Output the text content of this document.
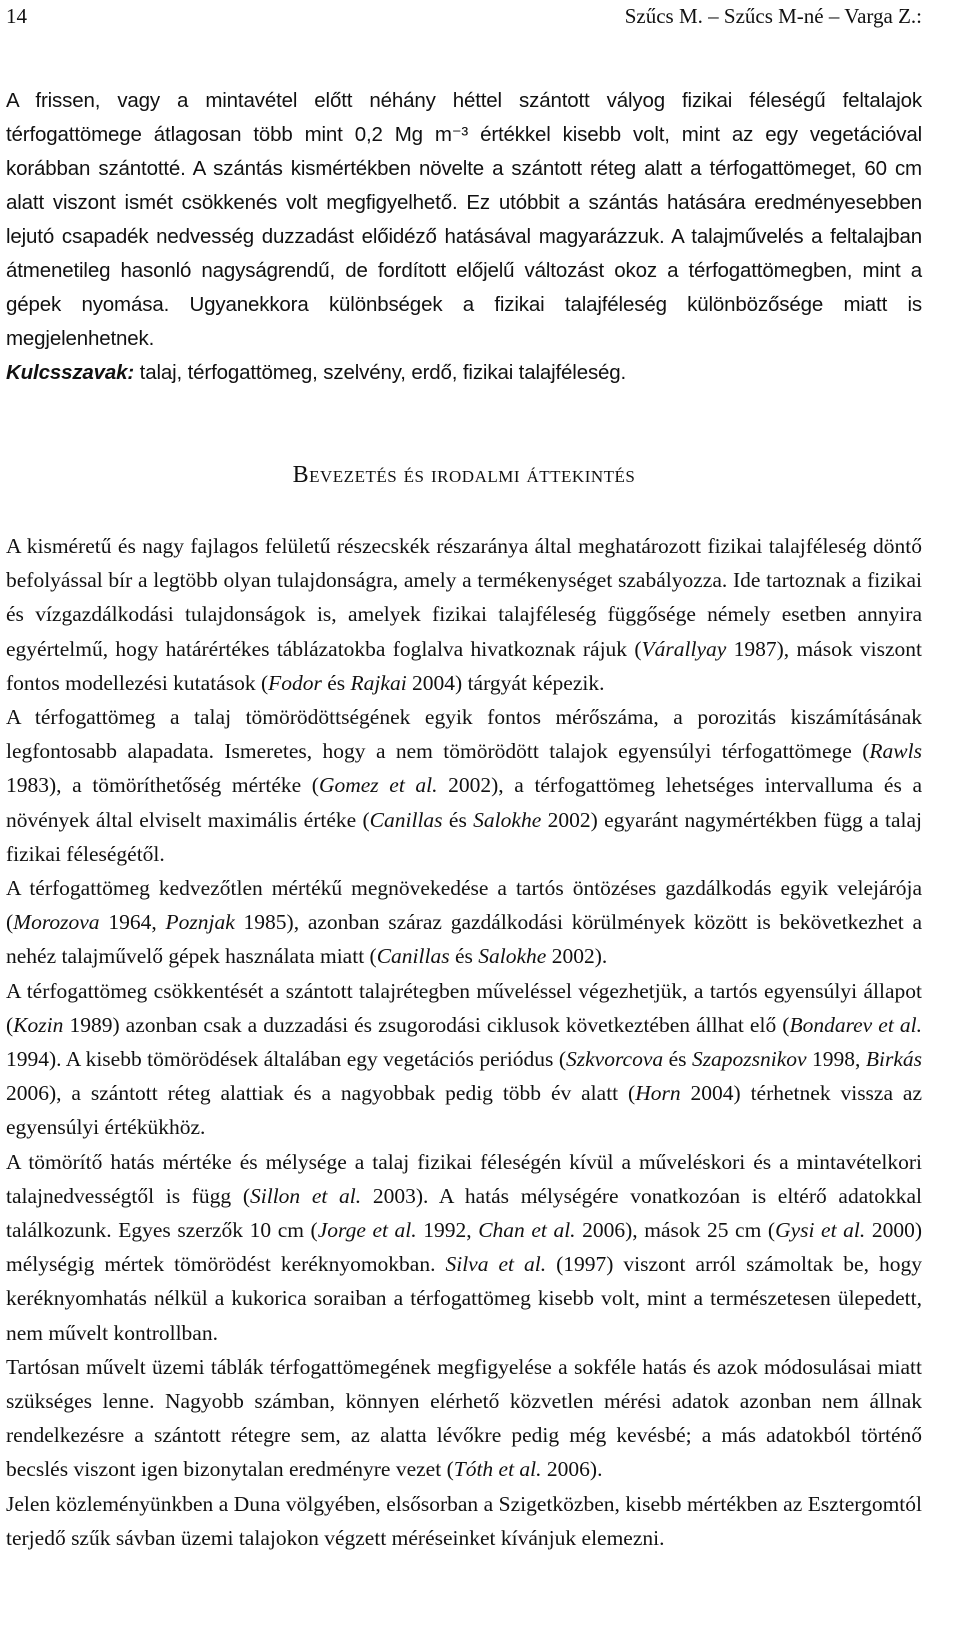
14	Szűcs M. – Szűcs M-né – Varga Z.:

A frissen, vagy a mintavétel előtt néhány héttel szántott vályog fizikai féleségű feltalajok térfogattömege átlagosan több mint 0,2 Mg m⁻³ értékkel kisebb volt, mint az egy vegetációval korábban szántotté. A szántás kismértékben növelte a szántott réteg alatt a térfogattömeget, 60 cm alatt viszont ismét csökkenés volt megfigyelhető. Ez utóbbit a szántás hatására eredményesebben lejutó csapadék nedvesség duzzadást előidéző hatásával magyarázzuk. A talajművelés a feltalajban átmenetileg hasonló nagyságrendű, de fordított előjelű változást okoz a térfogattömegben, mint a gépek nyomása. Ugyanekkora különbségek a fizikai talajféleség különbözősége miatt is megjelenhetnek.

Kulcsszavak: talaj, térfogattömeg, szelvény, erdő, fizikai talajféleség.

Bevezetés és irodalmi áttekintés

A kisméretű és nagy fajlagos felületű részecskék részaránya által meghatározott fizikai talajféleség döntő befolyással bír a legtöbb olyan tulajdonságra, amely a termékenységet szabályozza. Ide tartoznak a fizikai és vízgazdálkodási tulajdonságok is, amelyek fizikai talajféleség függősége némely esetben annyira egyértelmű, hogy határértékes táblázatokba foglalva hivatkoznak rájuk (Várallyay 1987), mások viszont fontos modellezési kutatások (Fodor és Rajkai 2004) tárgyát képezik.

A térfogattömeg a talaj tömörödöttségének egyik fontos mérőszáma, a porozitás kiszámításának legfontosabb alapadata. Ismeretes, hogy a nem tömörödött talajok egyensúlyi térfogattömege (Rawls 1983), a tömöríthetőség mértéke (Gomez et al. 2002), a térfogattömeg lehetséges intervalluma és a növények által elviselt maximális értéke (Canillas és Salokhe 2002) egyaránt nagymértékben függ a talaj fizikai féleségétől.

A térfogattömeg kedvezőtlen mértékű megnövekedése a tartós öntözéses gazdálkodás egyik velejárója (Morozova 1964, Poznjak 1985), azonban száraz gazdálkodási körülmények között is bekövetkezhet a nehéz talajművelő gépek használata miatt (Canillas és Salokhe 2002).

A térfogattömeg csökkentését a szántott talajrétegben műveléssel végezhetjük, a tartós egyensúlyi állapot (Kozin 1989) azonban csak a duzzadási és zsugorodási ciklusok következtében állhat elő (Bondarev et al. 1994). A kisebb tömörödések általában egy vegetációs periódus (Szkvorcova és Szapozsnikov 1998, Birkás 2006), a szántott réteg alattiak és a nagyobbak pedig több év alatt (Horn 2004) térhetnek vissza az egyensúlyi értékükhöz.

A tömörítő hatás mértéke és mélysége a talaj fizikai féleségén kívül a műveléskori és a mintavételkori talajnedvességtől is függ (Sillon et al. 2003). A hatás mélységére vonatkozóan is eltérő adatokkal találkozunk. Egyes szerzők 10 cm (Jorge et al. 1992, Chan et al. 2006), mások 25 cm (Gysi et al. 2000) mélységig mértek tömörödést keréknyomokban. Silva et al. (1997) viszont arról számoltak be, hogy keréknyomhatás nélkül a kukorica soraiban a térfogattömeg kisebb volt, mint a természetesen ülepedett, nem művelt kontrollban.

Tartósan művelt üzemi táblák térfogattömegének megfigyelése a sokféle hatás és azok módosulásai miatt szükséges lenne. Nagyobb számban, könnyen elérhető közvetlen mérési adatok azonban nem állnak rendelkezésre a szántott rétegre sem, az alatta lévőkre pedig még kevésbé; a más adatokból történő becslés viszont igen bizonytalan eredményre vezet (Tóth et al. 2006).

Jelen közleményünkben a Duna völgyében, elsősorban a Szigetközben, kisebb mértékben az Esztergomtól terjedő szűk sávban üzemi talajokon végzett méréseinket kívánjuk elemezni.
